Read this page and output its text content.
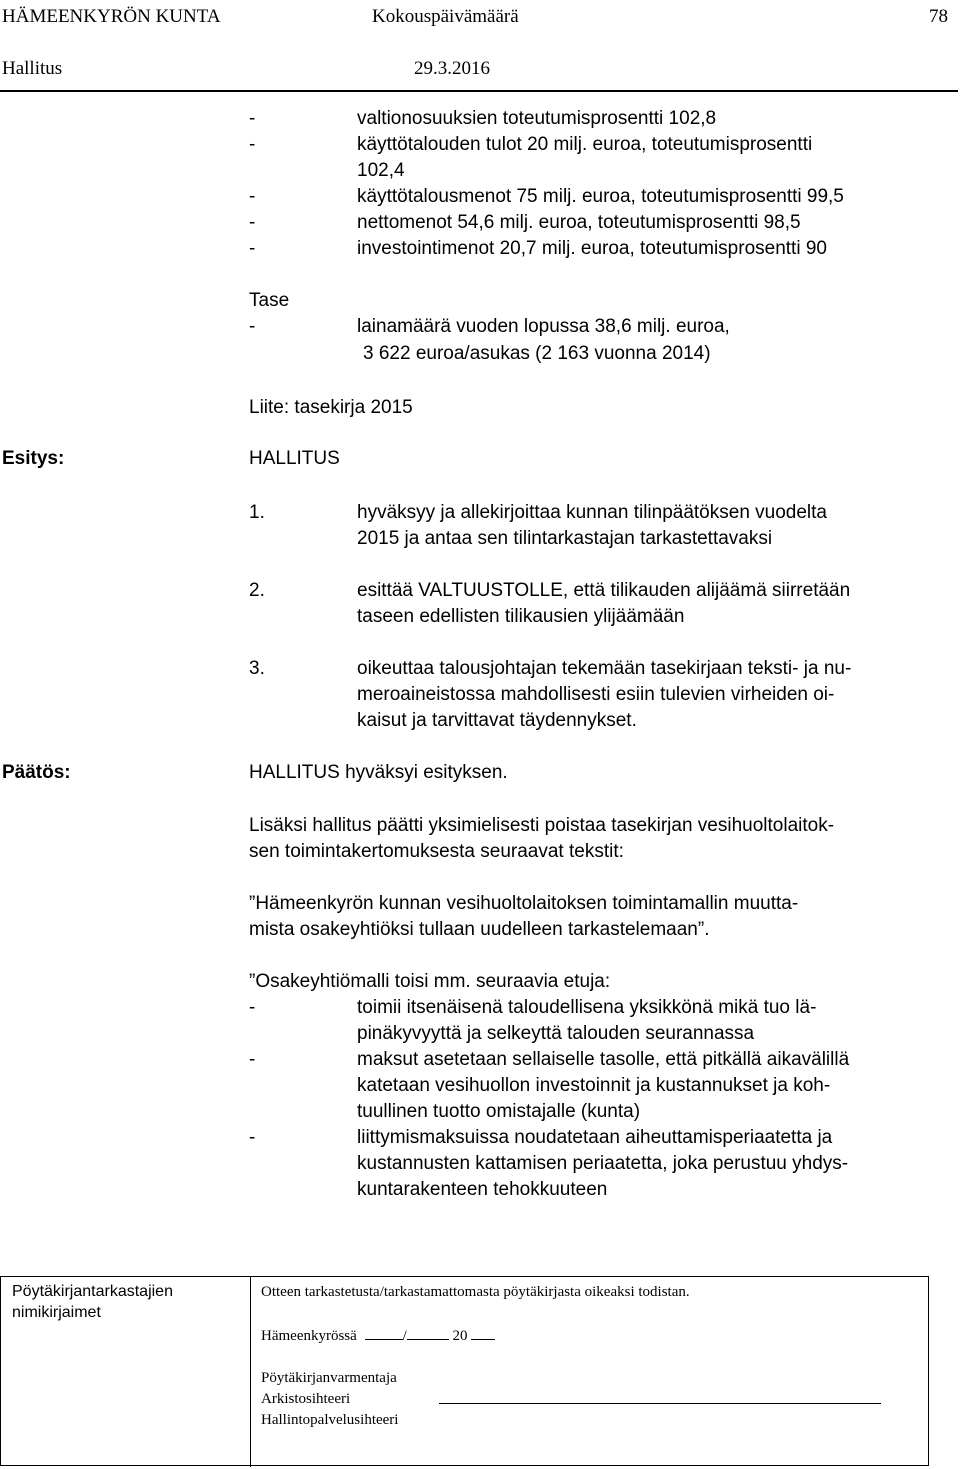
HÄMEENKYRÖN KUNTA	Kokouspäivämäärä	78
Hallitus	29.3.2016
-	valtionosuuksien toteutumisprosentti 102,8
-	käyttötalouden tulot 20 milj. euroa, toteutumisprosentti
102,4
-	käyttötalousmenot 75 milj. euroa, toteutumisprosentti 99,5
-	nettomenot 54,6 milj. euroa, toteutumisprosentti 98,5
-	investointimenot 20,7 milj. euroa, toteutumisprosentti 90
Tase
-	lainamäärä vuoden lopussa 38,6 milj. euroa,
3 622 euroa/asukas (2 163 vuonna 2014)
Liite: tasekirja 2015
Esitys:	HALLITUS
1.	hyväksyy ja allekirjoittaa kunnan tilinpäätöksen vuodelta
2015 ja antaa sen tilintarkastajan tarkastettavaksi
2.	esittää VALTUUSTOLLE, että tilikauden alijäämä siirretään
taseen edellisten tilikausien ylijäämään
3.	oikeuttaa talousjohtajan tekemään tasekirjaan teksti- ja nu-
meroaineistossa mahdollisesti esiin tulevien virheiden oi-
kaisut ja tarvittavat täydennykset.
Päätös:	HALLITUS hyväksyi esityksen.
Lisäksi hallitus päätti yksimielisesti poistaa tasekirjan vesihuoltolaitok-
sen toimintakertomuksesta seuraavat tekstit:
”Hämeenkyrön kunnan vesihuoltolaitoksen toimintamallin muutta-
mista osakeyhtiöksi tullaan uudelleen tarkastelemaan”.
”Osakeyhtiömalli toisi mm. seuraavia etuja:
-	toimii itsenäisenä taloudellisena yksikkönä mikä tuo lä-
pinäkyvyyttä ja selkeyttä talouden seurannassa
-	maksut asetetaan sellaiselle tasolle, että pitkällä aikavälillä
katetaan vesihuollon investoinnit ja kustannukset ja koh-
tuullinen tuotto omistajalle (kunta)
-	liittymismaksuissa noudatetaan aiheuttamisperiaatetta ja
kustannusten kattamisen periaatetta, joka perustuu yhdys-
kuntarakenteen tehokkuuteen
Pöytäkirjantarkastajien
nimikirjaimet
Otteen tarkastetusta/tarkastamattomasta pöytäkirjasta oikeaksi todistan.
Hämeenkyrössä	/	20
Pöytäkirjanvarmentaja
Arkistosihteeri
Hallintopalvelusihteeri
